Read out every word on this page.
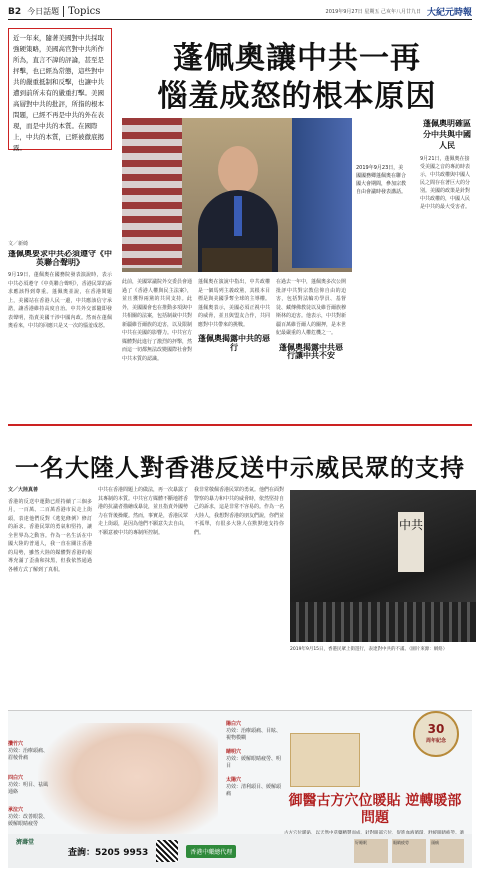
B2 今日話題 Topics	2019年9月27日 星期五 己亥年八月廿九日 大紀元時報

近一年來，隨著美國對中共採取強硬策略，美國高官對中共所作所為，直言不諱的評論，甚至是抨擊，也已經為常態，這些對中共的嚴重抵制和反擊，也讓中共遭到前所未有的嚴重打擊。美國高層對中共的批評，所指的根本問題，已經不再是中共的外在表現，而是中共的本質。在國際上，中共的本質，已經被徹底揭露。

文／新綺
蓬佩奧讓中共一再
惱羞成怒的根本原因
2019年9月23日，美國國務卿蓬佩奧在聯合國大會期間，參加宗教自由會議時發表講話。
蓬佩奧明確區分中共與中國人民

9月21日，蓬佩奧在接受美國之音的專訪時表示，中共政權與中國人民之間存在著巨大的分別。美國的政策是針對中共政權的，中國人民是中共的最大受害者。

蓬佩奧要求中共必須遵守《中英聯合聲明》

9月19日，蓬佩奧在國務院發表演說時，表示中共必須遵守《中英聯合聲明》，香港民眾的訴求應該得到尊重。蓬佩奧並說，在香港問題上，美國站在香港人民一邊，中共應該信守承諾，讓香港維持高度自治。中共外交部隨即發表聲明，指責美國干涉中國內政。然而在蓬佩奧看來，中共的回應只是又一次的惱羞成怒。

此前，美國眾議院外交委員會通過了《香港人權與民主法案》，並且獲得兩黨的共同支持。此外，美國國會也在推動多項與中共相關的法案，包括制裁中共對新疆維吾爾族的迫害，以及限制中共在美國的影響力。中共官方媒體對此進行了激烈的抨擊，然而這一切都無法改變國際社會對中共本質的認識。

蓬佩奧在演說中指出，中共政權是一個馬列主義政黨，其根本目標是與美國爭奪全球的主導權。蓬佩奧表示，美國必須正視中共的威脅，並且與盟友合作，共同應對中共帶來的挑戰。

蓬佩奧揭露中共的惡行

在過去一年中，蓬佩奧多次公開批評中共對宗教信仰自由的迫害，包括對法輪功學員、基督徒、藏傳佛教徒以及維吾爾族穆斯林的迫害。他表示，中共對新疆百萬維吾爾人的關押，是本世紀最嚴重的人權危機之一。

蓬佩奧揭露中共惡行讓中共不安
一名大陸人對香港反送中示威民眾的支持
文／大陸真善

香港的反送中運動已經持續了三個多月，一百萬、二百萬香港市民走上街頭，表達他們反對《逃犯條例》修訂的訴求。香港民眾的勇氣和堅持，讓全世界為之動容。作為一名生活在中國大陸的普通人，我一直在關注香港的局勢，雖然大陸的媒體對香港的報導充滿了歪曲和抹黑，但我依然通過各種方式了解到了真相。

中共在香港問題上的做法，再一次暴露了其專制的本質。中共官方媒體不斷地將香港的抗議者描繪成暴徒，並且指責外國勢力在背後操縱。然而，事實是，香港民眾走上街頭，是因為他們不願意失去自由，不願意被中共的專制所控制。

我非常敬佩香港民眾的勇氣。他們在面對警察的暴力和中共的威脅時，依然堅持自己的訴求，這是非常不容易的。作為一名大陸人，我想對香港的朋友們說，你們並不孤單，有很多大陸人在默默地支持你們。

中共
2019年9月15日，香港民眾上街遊行，表達對中共的不滿。（圖片來源：網絡）
陽白穴
功效：治療頭痛、目眩、視物模糊
睛明穴
功效：緩解眼睛疲勞、明目
太陽穴
功效：清利頭目、緩解頭痛
攢竹穴
功效：治療頭痛、眉棱骨痛
四白穴
功效：明目、祛風通絡
承泣穴
功效：改善眼袋、緩解眼睛疲勞
30
周年紀念
御醫古方穴位暖貼 逆轉暖部問題
濟壽堂
查詢：5205 9953	香港中藥總代理
好睡眠	眼睛疲勞	頭痛
